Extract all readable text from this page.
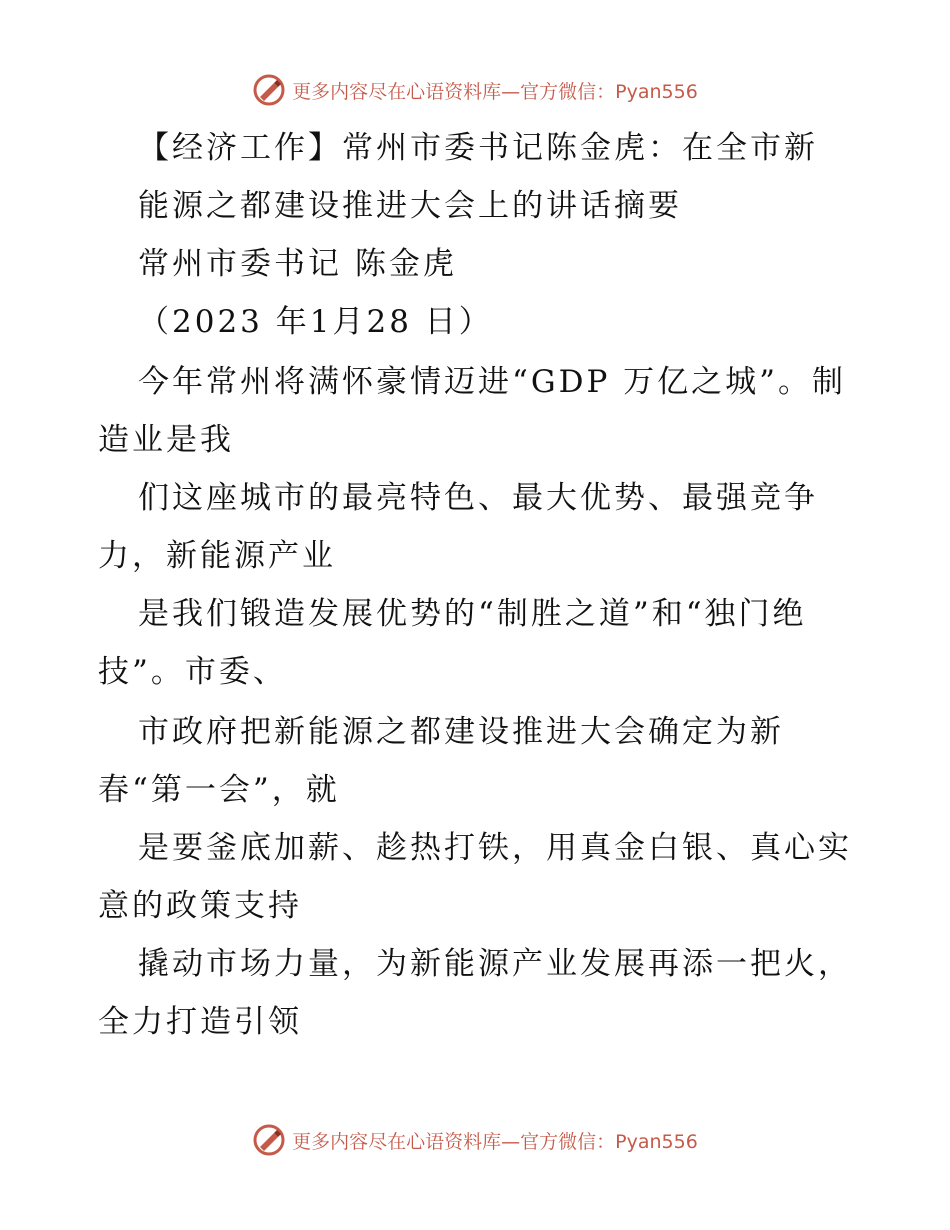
更多内容尽在心语资料库—官方微信：Pyan556
【经济工作】常州市委书记陈金虎：在全市新
能源之都建设推进大会上的讲话摘要
常州市委书记 陈金虎
（2023 年1月28 日）
今年常州将满怀豪情迈进“GDP 万亿之城”。制
造业是我
们这座城市的最亮特色、最大优势、最强竞争
力，新能源产业
是我们锻造发展优势的“制胜之道”和“独门绝
技”。市委、
市政府把新能源之都建设推进大会确定为新
春“第一会”，就
是要釜底加薪、趁热打铁，用真金白银、真心实
意的政策支持
撬动市场力量，为新能源产业发展再添一把火，
全力打造引领
更多内容尽在心语资料库—官方微信：Pyan556
